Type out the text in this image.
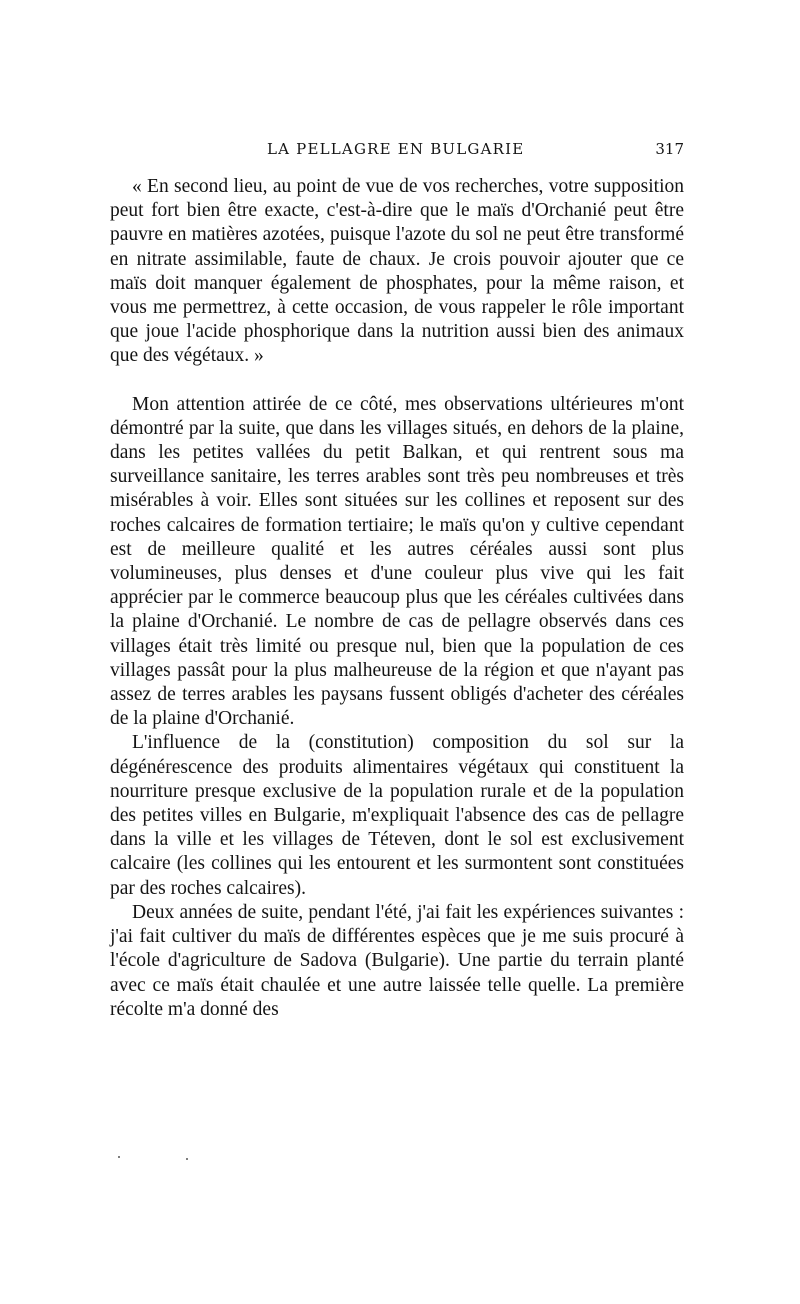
LA PELLAGRE EN BULGARIE	317

« En second lieu, au point de vue de vos recherches, votre supposition peut fort bien être exacte, c'est-à-dire que le maïs d'Orchanié peut être pauvre en matières azotées, puisque l'azote du sol ne peut être transformé en nitrate assimilable, faute de chaux. Je crois pouvoir ajouter que ce maïs doit manquer également de phosphates, pour la même raison, et vous me permettrez, à cette occasion, de vous rappeler le rôle important que joue l'acide phosphorique dans la nutrition aussi bien des animaux que des végétaux. »

Mon attention attirée de ce côté, mes observations ultérieures m'ont démontré par la suite, que dans les villages situés, en dehors de la plaine, dans les petites vallées du petit Balkan, et qui rentrent sous ma surveillance sanitaire, les terres arables sont très peu nombreuses et très misérables à voir. Elles sont situées sur les collines et reposent sur des roches calcaires de formation tertiaire; le maïs qu'on y cultive cependant est de meilleure qualité et les autres céréales aussi sont plus volumineuses, plus denses et d'une couleur plus vive qui les fait apprécier par le commerce beaucoup plus que les céréales cultivées dans la plaine d'Orchanié. Le nombre de cas de pellagre observés dans ces villages était très limité ou presque nul, bien que la population de ces villages passât pour la plus malheureuse de la région et que n'ayant pas assez de terres arables les paysans fussent obligés d'acheter des céréales de la plaine d'Orchanié.

L'influence de la (constitution) composition du sol sur la dégénérescence des produits alimentaires végétaux qui constituent la nourriture presque exclusive de la population rurale et de la population des petites villes en Bulgarie, m'expliquait l'absence des cas de pellagre dans la ville et les villages de Téteven, dont le sol est exclusivement calcaire (les collines qui les entourent et les surmontent sont constituées par des roches calcaires).

Deux années de suite, pendant l'été, j'ai fait les expériences suivantes : j'ai fait cultiver du maïs de différentes espèces que je me suis procuré à l'école d'agriculture de Sadova (Bulgarie). Une partie du terrain planté avec ce maïs était chaulée et une autre laissée telle quelle. La première récolte m'a donné des
